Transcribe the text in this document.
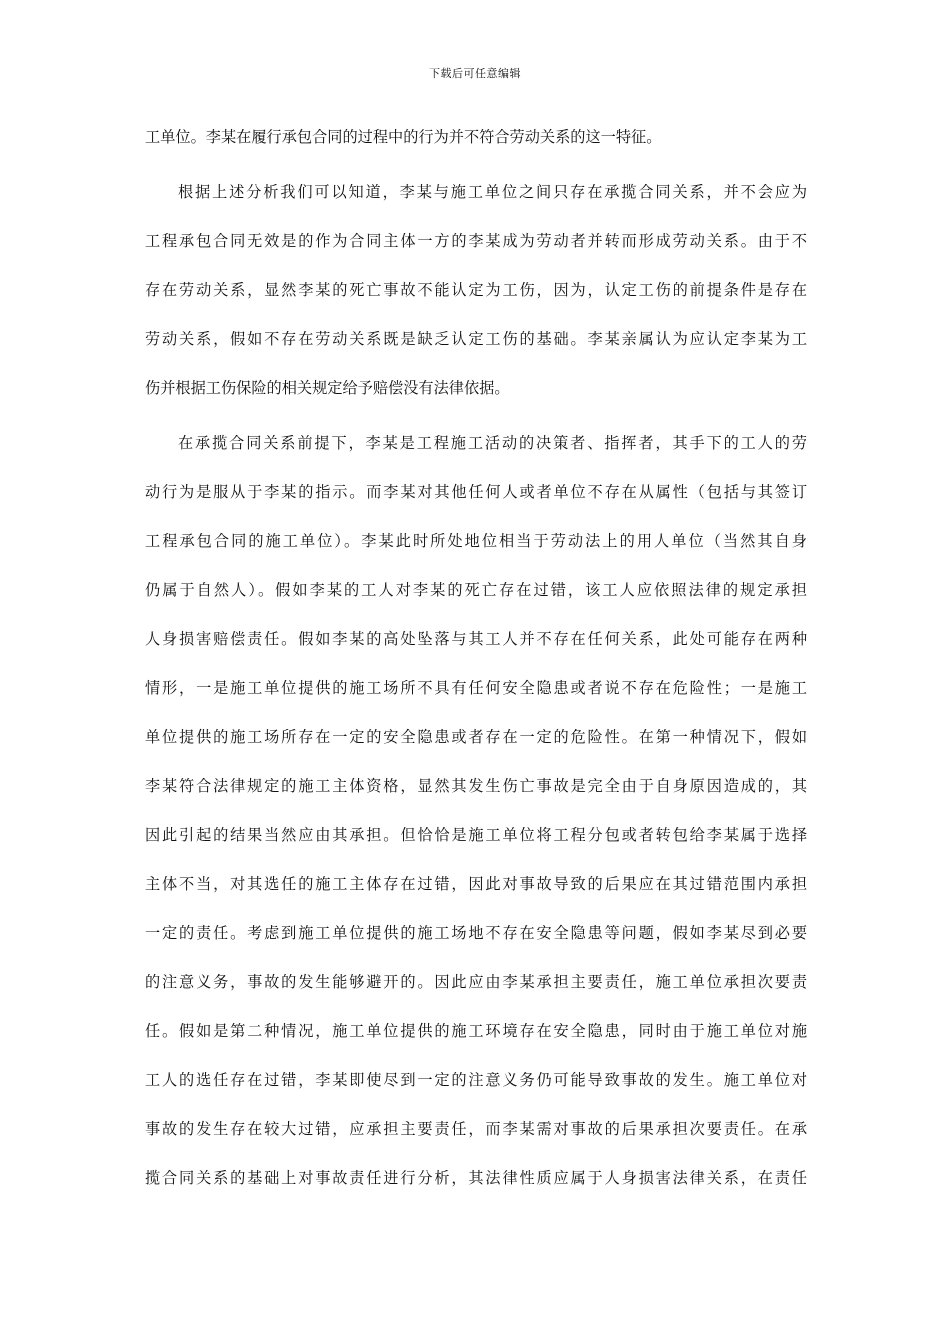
下载后可任意编辑
工单位。李某在履行承包合同的过程中的行为并不符合劳动关系的这一特征。
根据上述分析我们可以知道，李某与施工单位之间只存在承揽合同关系，并不会应为
工程承包合同无效是的作为合同主体一方的李某成为劳动者并转而形成劳动关系。由于不
存在劳动关系，显然李某的死亡事故不能认定为工伤，因为，认定工伤的前提条件是存在
劳动关系，假如不存在劳动关系既是缺乏认定工伤的基础。李某亲属认为应认定李某为工
伤并根据工伤保险的相关规定给予赔偿没有法律依据。
在承揽合同关系前提下，李某是工程施工活动的决策者、指挥者，其手下的工人的劳
动行为是服从于李某的指示。而李某对其他任何人或者单位不存在从属性（包括与其签订
工程承包合同的施工单位）。李某此时所处地位相当于劳动法上的用人单位（当然其自身
仍属于自然人）。假如李某的工人对李某的死亡存在过错，该工人应依照法律的规定承担
人身损害赔偿责任。假如李某的高处坠落与其工人并不存在任何关系，此处可能存在两种
情形，一是施工单位提供的施工场所不具有任何安全隐患或者说不存在危险性；一是施工
单位提供的施工场所存在一定的安全隐患或者存在一定的危险性。在第一种情况下，假如
李某符合法律规定的施工主体资格，显然其发生伤亡事故是完全由于自身原因造成的，其
因此引起的结果当然应由其承担。但恰恰是施工单位将工程分包或者转包给李某属于选择
主体不当，对其选任的施工主体存在过错，因此对事故导致的后果应在其过错范围内承担
一定的责任。考虑到施工单位提供的施工场地不存在安全隐患等问题，假如李某尽到必要
的注意义务，事故的发生能够避开的。因此应由李某承担主要责任，施工单位承担次要责
任。假如是第二种情况，施工单位提供的施工环境存在安全隐患，同时由于施工单位对施
工人的选任存在过错，李某即使尽到一定的注意义务仍可能导致事故的发生。施工单位对
事故的发生存在较大过错，应承担主要责任，而李某需对事故的后果承担次要责任。在承
揽合同关系的基础上对事故责任进行分析，其法律性质应属于人身损害法律关系，在责任
